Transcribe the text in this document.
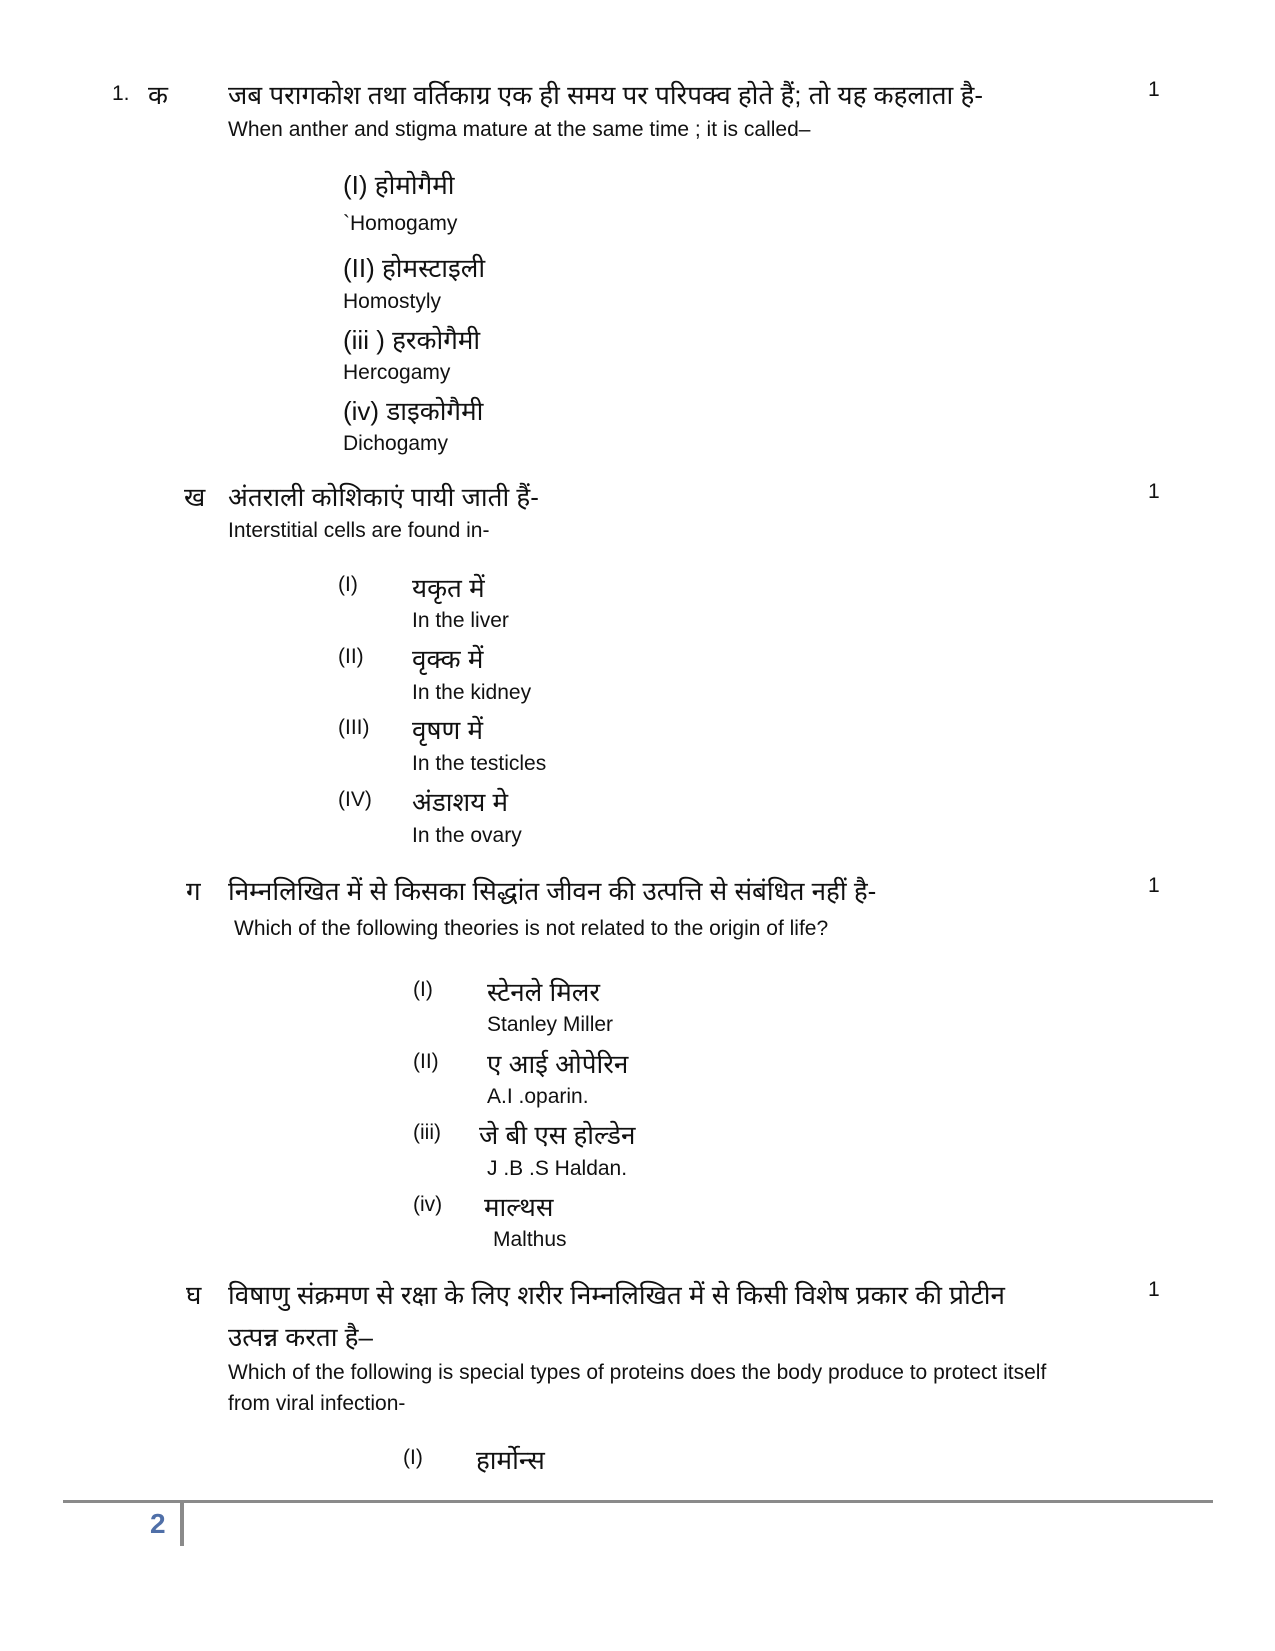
1. क जब परागकोश तथा वर्तिकाग्र एक ही समय पर परिपक्व होते हैं; तो यह कहलाता है-	1
When anther and stigma mature at the same time ; it is called–
(I) होमोगैमी
`Homogamy
(II) होमस्टाइली
Homostyly
(iii ) हरकोगैमी
Hercogamy
(iv) डाइकोगैमी
Dichogamy
ख अंतराली कोशिकाएं पायी जाती हैं-	1
Interstitial cells are found in-
(I) यकृत में
In the liver
(II) वृक्क में
In the kidney
(III) वृषण में
In the testicles
(IV) अंडाशय मे
In the ovary
ग निम्नलिखित में से किसका सिद्धांत जीवन की उत्पत्ति से संबंधित नहीं है-	1
Which of the following theories is not related to the origin of life?
(I) स्टेनले मिलर
Stanley Miller
(II) ए आई ओपेरिन
A.I .oparin.
(iii) जे बी एस होल्डेन
J .B .S Haldan.
(iv) माल्थस
Malthus
घ विषाणु संक्रमण से रक्षा के लिए शरीर निम्नलिखित में से किसी विशेष प्रकार की प्रोटीन	1
उत्पन्न करता है–
Which of the following is special types of proteins does the body produce to protect itself
from viral infection-
(I) हार्मोन्स
2
